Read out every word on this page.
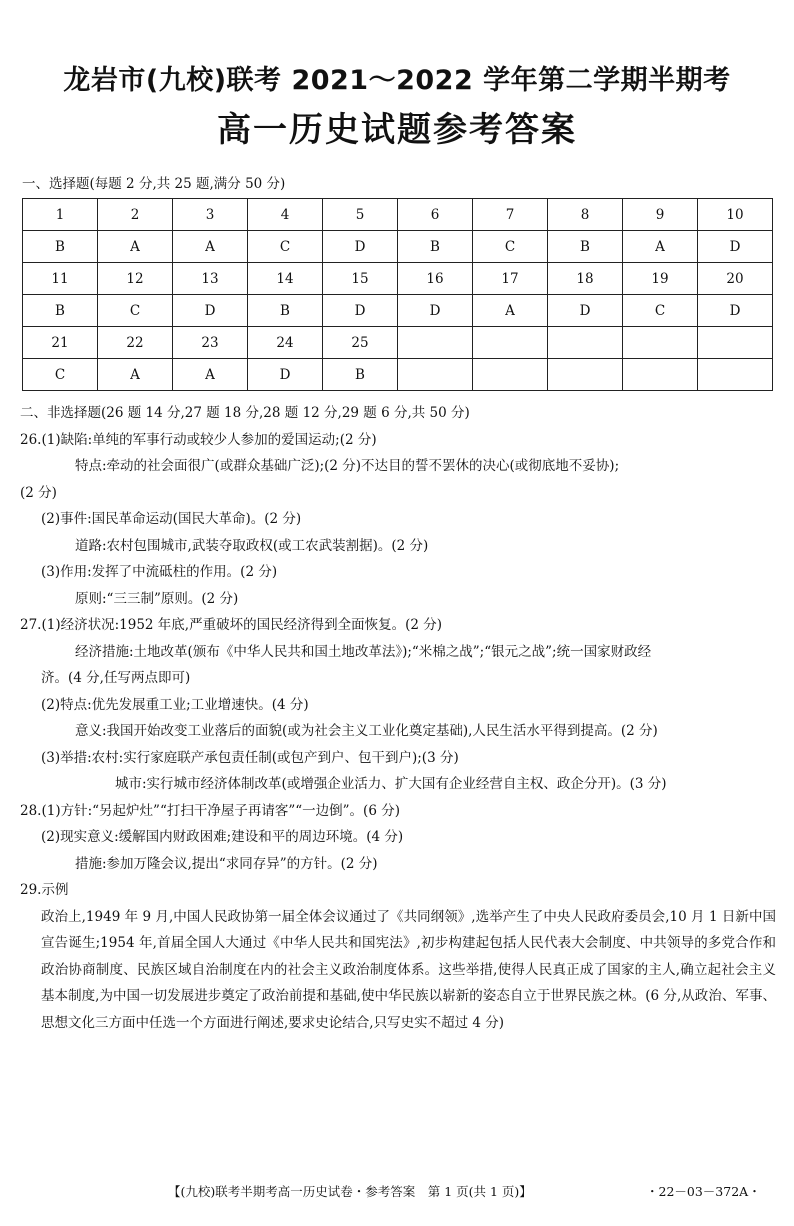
龙岩市(九校)联考 2021～2022 学年第二学期半期考
高一历史试题参考答案
一、选择题(每题 2 分,共 25 题,满分 50 分)
1	2	3	4	5	6	7	8	9	10
B	A	A	C	D	B	C	B	A	D
11	12	13	14	15	16	17	18	19	20
B	C	D	B	D	D	A	D	C	D
21	22	23	24	25					
C	A	A	D	B					

二、非选择题(26 题 14 分,27 题 18 分,28 题 12 分,29 题 6 分,共 50 分)

26.(1)缺陷:单纯的军事行动或较少人参加的爱国运动;(2 分)

特点:牵动的社会面很广(或群众基础广泛);(2 分)不达目的誓不罢休的决心(或彻底地不妥协);

(2 分)

(2)事件:国民革命运动(国民大革命)。(2 分)

道路:农村包围城市,武装夺取政权(或工农武装割据)。(2 分)

(3)作用:发挥了中流砥柱的作用。(2 分)

原则:“三三制”原则。(2 分)

27.(1)经济状况:1952 年底,严重破坏的国民经济得到全面恢复。(2 分)

经济措施:土地改革(颁布《中华人民共和国土地改革法》);“米棉之战”;“银元之战”;统一国家财政经

济。(4 分,任写两点即可)

(2)特点:优先发展重工业;工业增速快。(4 分)

意义:我国开始改变工业落后的面貌(或为社会主义工业化奠定基础),人民生活水平得到提高。(2 分)

(3)举措:农村:实行家庭联产承包责任制(或包产到户、包干到户);(3 分)

城市:实行城市经济体制改革(或增强企业活力、扩大国有企业经营自主权、政企分开)。(3 分)

28.(1)方针:“另起炉灶”“打扫干净屋子再请客”“一边倒”。(6 分)

(2)现实意义:缓解国内财政困难;建设和平的周边环境。(4 分)

措施:参加万隆会议,提出“求同存异”的方针。(2 分)

29.示例

政治上,1949 年 9 月,中国人民政协第一届全体会议通过了《共同纲领》,选举产生了中央人民政府委员会,10 月 1 日新中国宣告诞生;1954 年,首届全国人大通过《中华人民共和国宪法》,初步构建起包括人民代表大会制度、中共领导的多党合作和政治协商制度、民族区域自治制度在内的社会主义政治制度体系。这些举措,使得人民真正成了国家的主人,确立起社会主义基本制度,为中国一切发展进步奠定了政治前提和基础,使中华民族以崭新的姿态自立于世界民族之林。(6 分,从政治、军事、思想文化三方面中任选一个方面进行阐述,要求史论结合,只写史实不超过 4 分)

【(九校)联考半期考高一历史试卷・参考答案　第 1 页(共 1 页)】	・22－03－372A・
